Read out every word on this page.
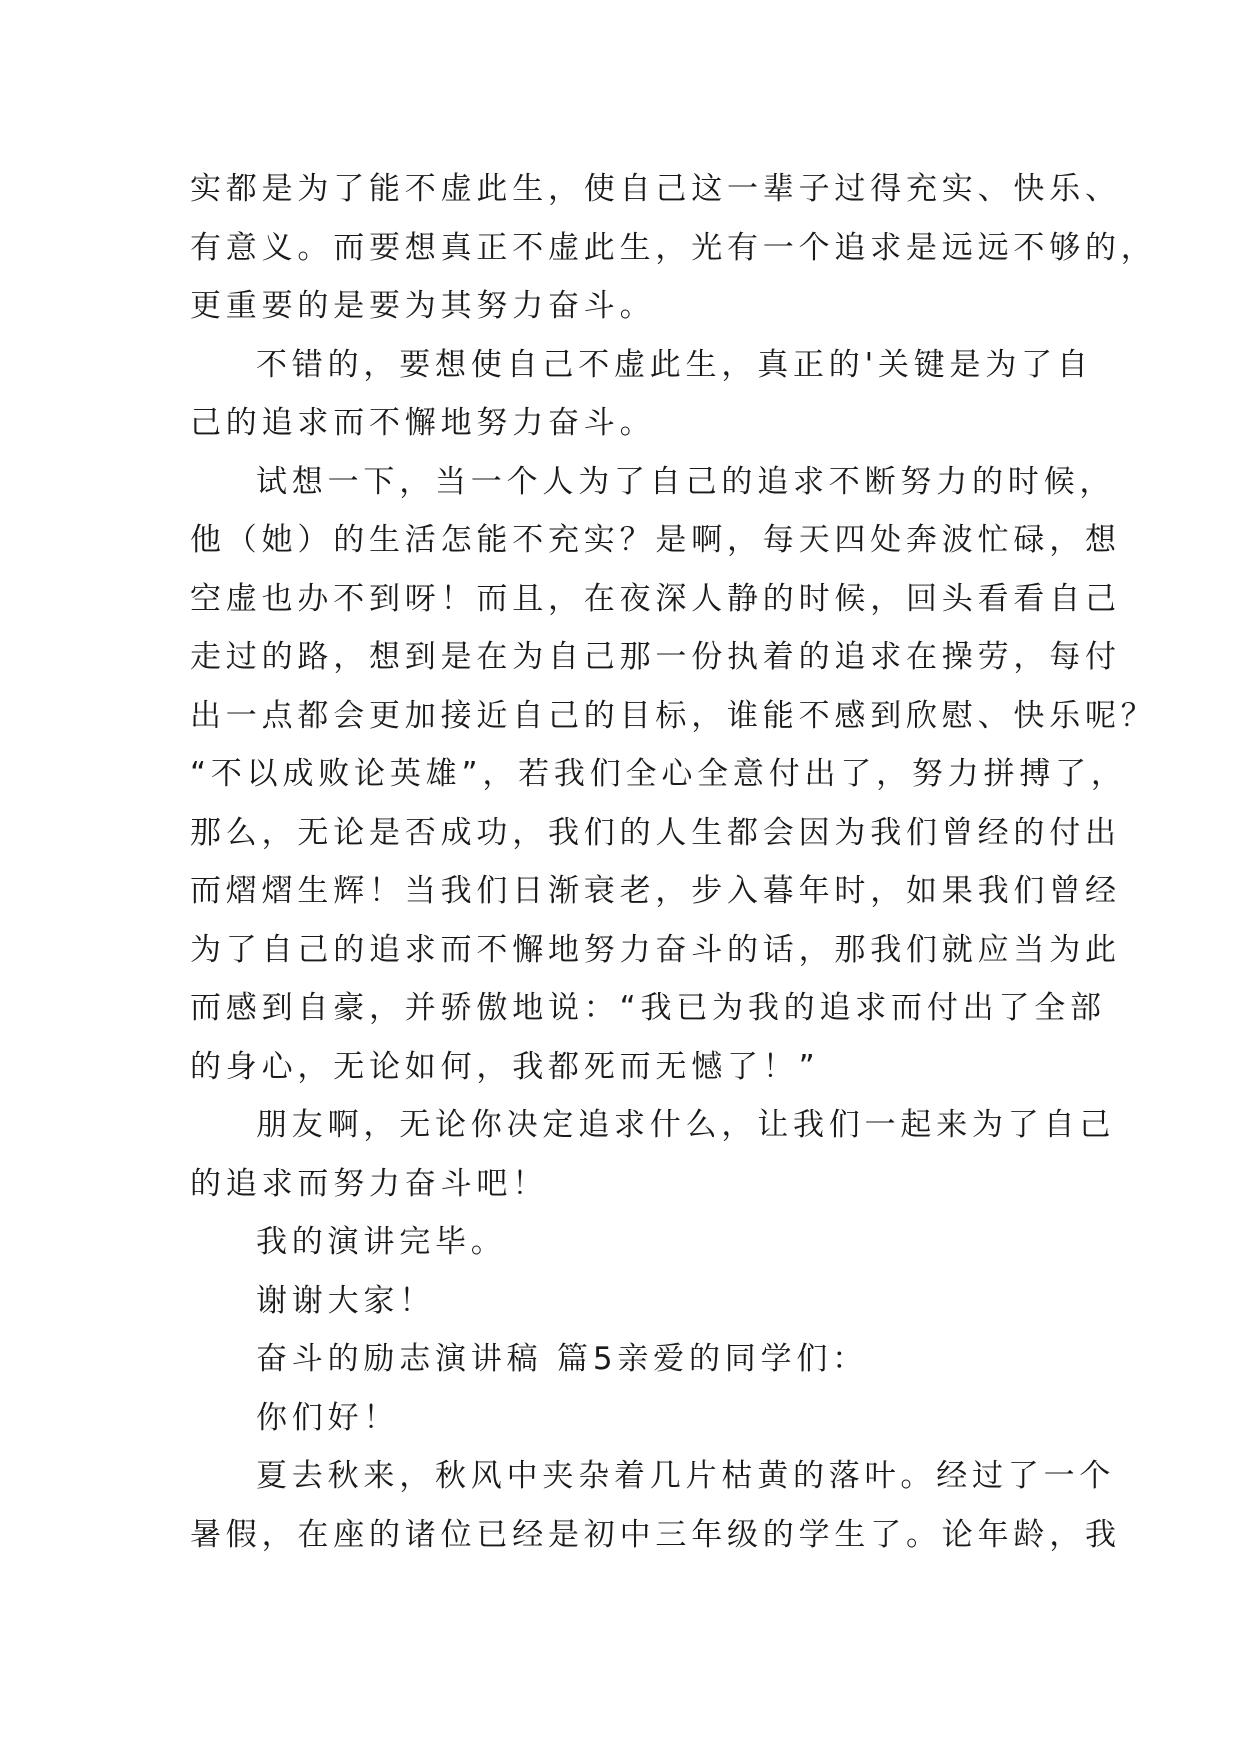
实都是为了能不虚此生，使自己这一辈子过得充实、快乐、
有意义。而要想真正不虚此生，光有一个追求是远远不够的，
更重要的是要为其努力奋斗。
不错的，要想使自己不虚此生，真正的'关键是为了自
己的追求而不懈地努力奋斗。
试想一下，当一个人为了自己的追求不断努力的时候，
他（她）的生活怎能不充实？是啊，每天四处奔波忙碌，想
空虚也办不到呀！而且，在夜深人静的时候，回头看看自己
走过的路，想到是在为自己那一份执着的追求在操劳，每付
出一点都会更加接近自己的目标，谁能不感到欣慰、快乐呢？
“不以成败论英雄”，若我们全心全意付出了，努力拼搏了，
那么，无论是否成功，我们的人生都会因为我们曾经的付出
而熠熠生辉！当我们日渐衰老，步入暮年时，如果我们曾经
为了自己的追求而不懈地努力奋斗的话，那我们就应当为此
而感到自豪，并骄傲地说：“我已为我的追求而付出了全部
的身心，无论如何，我都死而无憾了！”
朋友啊，无论你决定追求什么，让我们一起来为了自己
的追求而努力奋斗吧！
我的演讲完毕。
谢谢大家！
奋斗的励志演讲稿 篇5亲爱的同学们：
你们好！
夏去秋来，秋风中夹杂着几片枯黄的落叶。经过了一个
暑假，在座的诸位已经是初中三年级的学生了。论年龄，我
